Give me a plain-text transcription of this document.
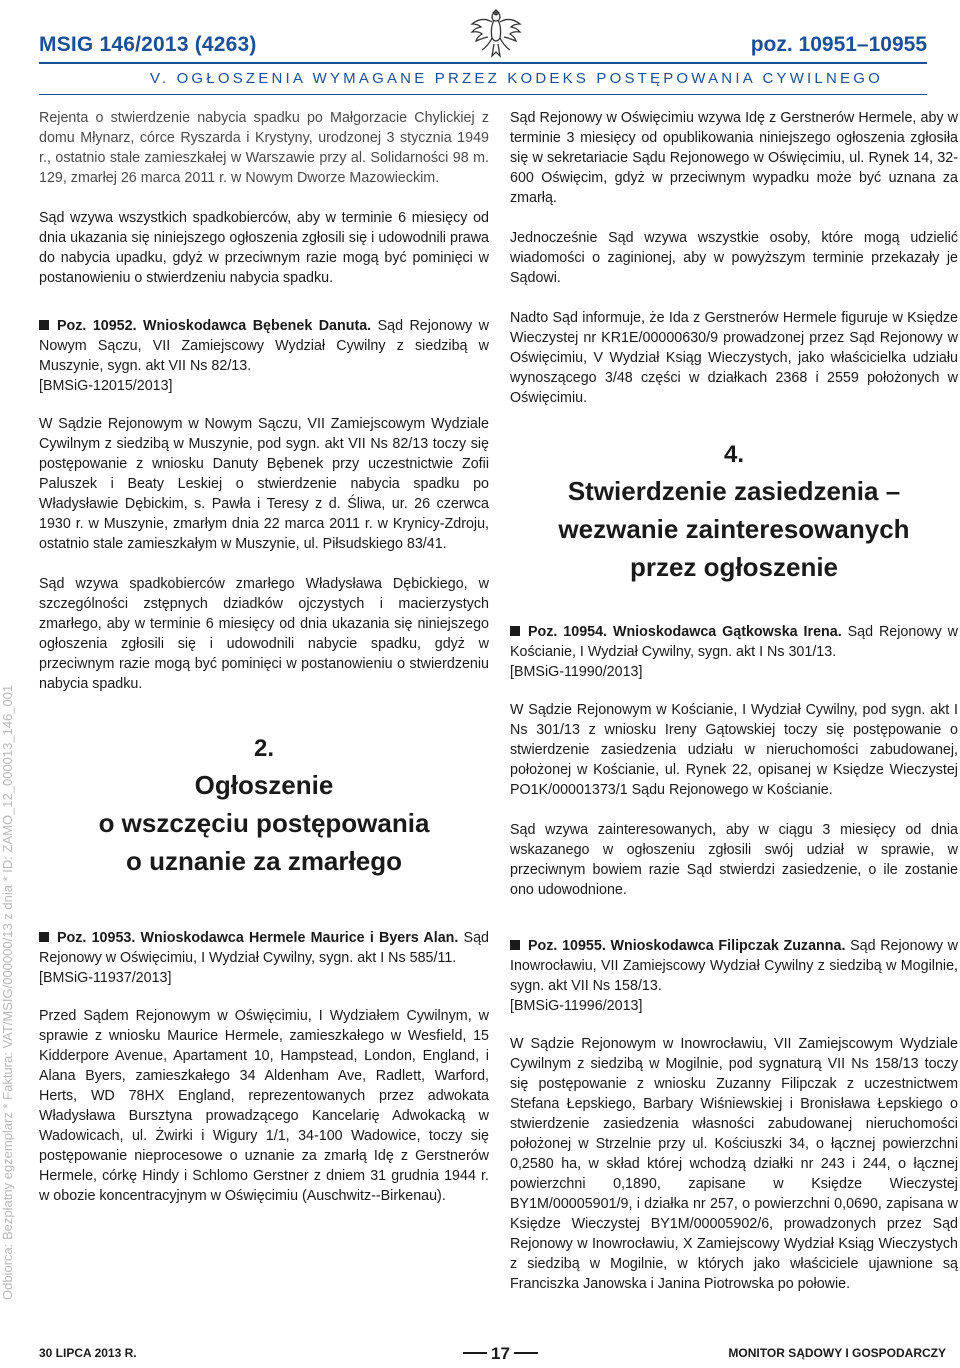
MSIG 146/2013 (4263)	poz. 10951–10955
V. OGŁOSZENIA WYMAGANE PRZEZ KODEKS POSTĘPOWANIA CYWILNEGO
Odbiorca: Bezpłatny egzemplarz * Faktura: VAT/MSIG/000000/13 z dnia * ID: ZAMO_12_000013_146_001

Rejenta o stwierdzenie nabycia spadku po Małgorzacie Chylickiej z domu Młynarz, córce Ryszarda i Krystyny, urodzonej 3 stycznia 1949 r., ostatnio stale zamieszkałej w Warszawie przy al. Solidarności 98 m. 129, zmarłej 26 marca 2011 r. w Nowym Dworze Mazowieckim.

Sąd wzywa wszystkich spadkobierców, aby w terminie 6 miesięcy od dnia ukazania się niniejszego ogłoszenia zgłosili się i udowodnili prawa do nabycia upadku, gdyż w przeciwnym razie mogą być pominięci w postanowieniu o stwierdzeniu nabycia spadku.

Poz. 10952. Wnioskodawca Bębenek Danuta. Sąd Rejonowy w Nowym Sączu, VII Zamiejscowy Wydział Cywilny z siedzibą w Muszynie, sygn. akt VII Ns 82/13.
[BMSiG-12015/2013]

W Sądzie Rejonowym w Nowym Sączu, VII Zamiejscowym Wydziale Cywilnym z siedzibą w Muszynie, pod sygn. akt VII Ns 82/13 toczy się postępowanie z wniosku Danuty Bębenek przy uczestnictwie Zofii Paluszek i Beaty Leskiej o stwierdzenie nabycia spadku po Władysławie Dębickim, s. Pawła i Teresy z d. Śliwa, ur. 26 czerwca 1930 r. w Muszynie, zmarłym dnia 22 marca 2011 r. w Krynicy-Zdroju, ostatnio stale zamieszkałym w Muszynie, ul. Piłsudskiego 83/41.

Sąd wzywa spadkobierców zmarłego Władysława Dębickiego, w szczególności zstępnych dziadków ojczystych i macierzystych zmarłego, aby w terminie 6 miesięcy od dnia ukazania się niniejszego ogłoszenia zgłosili się i udowodnili nabycie spadku, gdyż w przeciwnym razie mogą być pominięci w postanowieniu o stwierdzeniu nabycia spadku.

2.
Ogłoszenie
o wszczęciu postępowania
o uznanie za zmarłego

Poz. 10953. Wnioskodawca Hermele Maurice i Byers Alan. Sąd Rejonowy w Oświęcimiu, I Wydział Cywilny, sygn. akt I Ns 585/11.
[BMSiG-11937/2013]

Przed Sądem Rejonowym w Oświęcimiu, I Wydziałem Cywilnym, w sprawie z wniosku Maurice Hermele, zamieszkałego w Wesfield, 15 Kidderpore Avenue, Apartament 10, Hampstead, London, England, i Alana Byers, zamieszkałego 34 Aldenham Ave, Radlett, Warford, Herts, WD 78HX England, reprezentowanych przez adwokata Władysława Bursztyna prowadzącego Kancelarię Adwokacką w Wadowicach, ul. Żwirki i Wigury 1/1, 34-100 Wadowice, toczy się postępowanie nieprocesowe o uznanie za zmarłą Idę z Gerstnerów Hermele, córkę Hindy i Schlomo Gerstner z dniem 31 grudnia 1944 r. w obozie koncentracyjnym w Oświęcimiu (Auschwitz--Birkenau).

Sąd Rejonowy w Oświęcimiu wzywa Idę z Gerstnerów Hermele, aby w terminie 3 miesięcy od opublikowania niniejszego ogłoszenia zgłosiła się w sekretariacie Sądu Rejonowego w Oświęcimiu, ul. Rynek 14, 32-600 Oświęcim, gdyż w przeciwnym wypadku może być uznana za zmarłą.

Jednocześnie Sąd wzywa wszystkie osoby, które mogą udzielić wiadomości o zaginionej, aby w powyższym terminie przekazały je Sądowi.

Nadto Sąd informuje, że Ida z Gerstnerów Hermele figuruje w Księdze Wieczystej nr KR1E/00000630/9 prowadzonej przez Sąd Rejonowy w Oświęcimiu, V Wydział Ksiąg Wieczystych, jako właścicielka udziału wynoszącego 3/48 części w działkach 2368 i 2559 położonych w Oświęcimiu.

4.
Stwierdzenie zasiedzenia –
wezwanie zainteresowanych
przez ogłoszenie

Poz. 10954. Wnioskodawca Gątkowska Irena. Sąd Rejonowy w Kościanie, I Wydział Cywilny, sygn. akt I Ns 301/13.
[BMSiG-11990/2013]

W Sądzie Rejonowym w Kościanie, I Wydział Cywilny, pod sygn. akt I Ns 301/13 z wniosku Ireny Gątowskiej toczy się postępowanie o stwierdzenie zasiedzenia udziału w nieruchomości zabudowanej, położonej w Kościanie, ul. Rynek 22, opisanej w Księdze Wieczystej PO1K/00001373/1 Sądu Rejonowego w Kościanie.

Sąd wzywa zainteresowanych, aby w ciągu 3 miesięcy od dnia wskazanego w ogłoszeniu zgłosili swój udział w sprawie, w przeciwnym bowiem razie Sąd stwierdzi zasiedzenie, o ile zostanie ono udowodnione.

Poz. 10955. Wnioskodawca Filipczak Zuzanna. Sąd Rejonowy w Inowrocławiu, VII Zamiejscowy Wydział Cywilny z siedzibą w Mogilnie, sygn. akt VII Ns 158/13.
[BMSiG-11996/2013]

W Sądzie Rejonowym w Inowrocławiu, VII Zamiejscowym Wydziale Cywilnym z siedzibą w Mogilnie, pod sygnaturą VII Ns 158/13 toczy się postępowanie z wniosku Zuzanny Filipczak z uczestnictwem Stefana Łepskiego, Barbary Wiśniewskiej i Bronisława Łepskiego o stwierdzenie zasiedzenia własności zabudowanej nieruchomości położonej w Strzelnie przy ul. Kościuszki 34, o łącznej powierzchni 0,2580 ha, w skład której wchodzą działki nr 243 i 244, o łącznej powierzchni 0,1890, zapisane w Księdze Wieczystej BY1M/00005901/9, i działka nr 257, o powierzchni 0,0690, zapisana w Księdze Wieczystej BY1M/00005902/6, prowadzonych przez Sąd Rejonowy w Inowrocławiu, X Zamiejscowy Wydział Ksiąg Wieczystych z siedzibą w Mogilnie, w których jako właściciele ujawnione są Franciszka Janowska i Janina Piotrowska po połowie.

30 LIPCA 2013 R.	17	MONITOR SĄDOWY I GOSPODARCZY
